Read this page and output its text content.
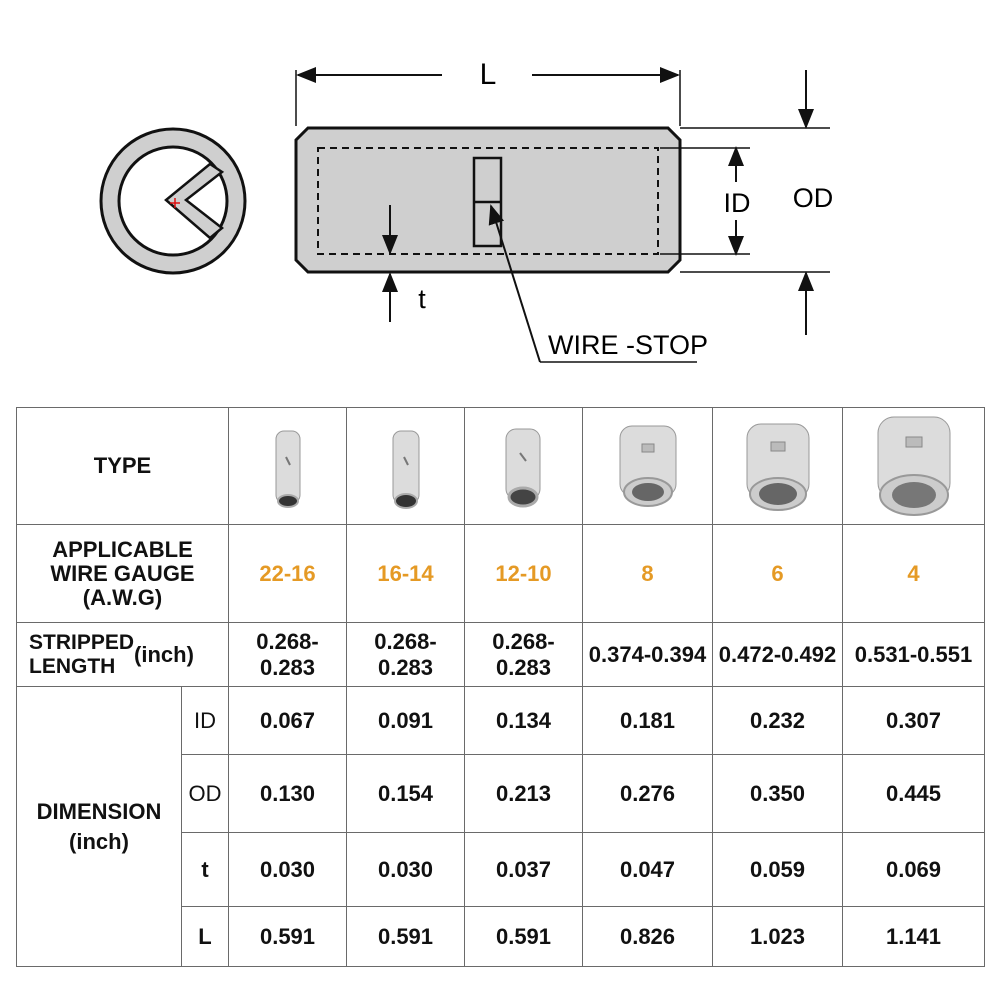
L
ID OD
t
WIRE -STOP
TYPE	

APPLICABLE
WIRE GAUGE
(A.W.G)		22-16	16-14	12-10	8	6	4
STRIPPED
LENGTH (inch)		0.268-0.283	0.268-0.283	0.268-0.283	0.374-0.394	0.472-0.492	0.531-0.551

DIMENSION
(inch)	ID	0.067	0.091	0.134	0.181	0.232	0.307
	OD	0.130	0.154	0.213	0.276	0.350	0.445
	t	0.030	0.030	0.037	0.047	0.059	0.069
	L	0.591	0.591	0.591	0.826	1.023	1.141
